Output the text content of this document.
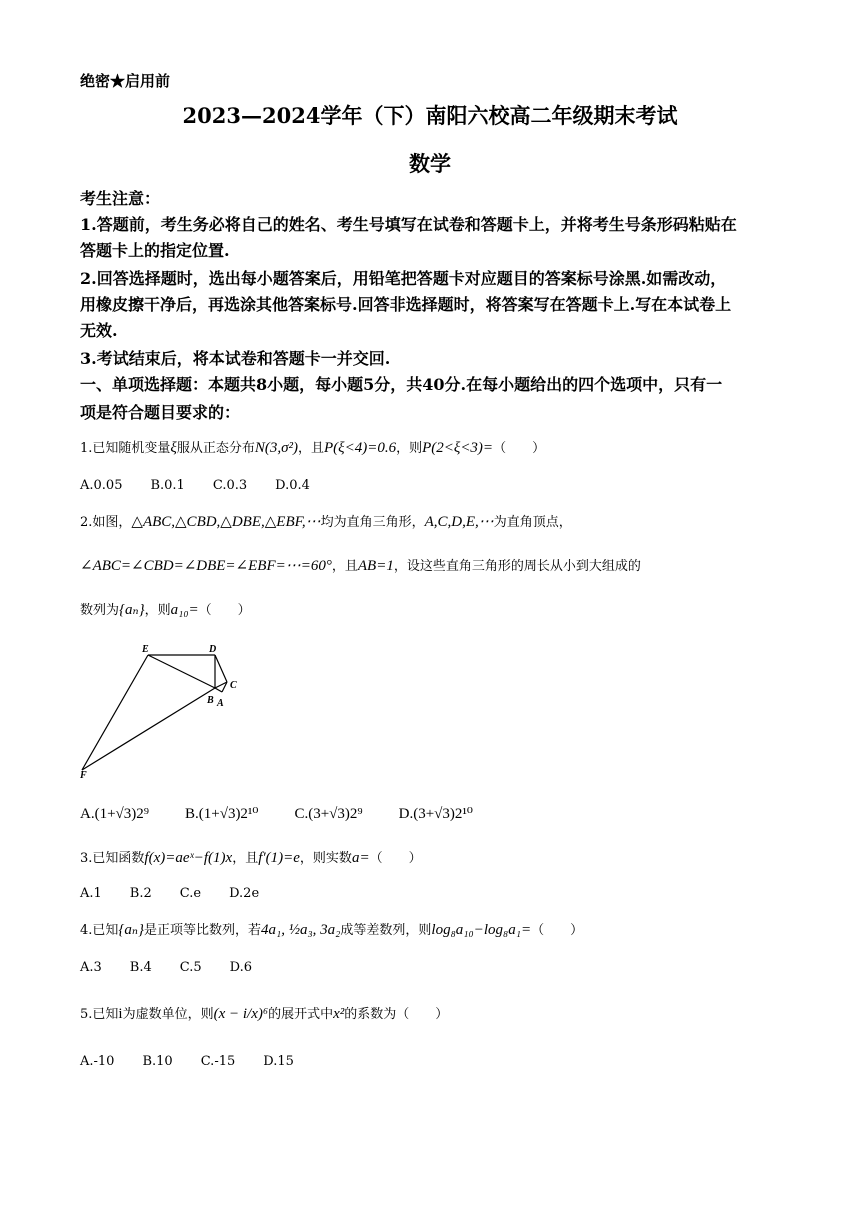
绝密★启用前
2023—2024学年（下）南阳六校高二年级期末考试
数学
考生注意：
1.答题前，考生务必将自己的姓名、考生号填写在试卷和答题卡上，并将考生号条形码粘贴在
答题卡上的指定位置.
2.回答选择题时，选出每小题答案后，用铅笔把答题卡对应题目的答案标号涂黑.如需改动，
用橡皮擦干净后，再选涂其他答案标号.回答非选择题时，将答案写在答题卡上.写在本试卷上
无效.
3.考试结束后，将本试卷和答题卡一并交回.
一、单项选择题：本题共8小题，每小题5分，共40分.在每小题给出的四个选项中，只有一
项是符合题目要求的：
1.已知随机变量ξ服从正态分布N(3,σ²)，且P(ξ<4)=0.6，则P(2<ξ<3)=（　　）
A.0.05 B.0.1 C.0.3 D.0.4
2.如图，△ABC,△CBD,△DBE,△EBF,⋯均为直角三角形，A,C,D,E,⋯为直角顶点，
∠ABC=∠CBD=∠DBE=∠EBF=⋯=60°，且AB=1，设这些直角三角形的周长从小到大组成的
数列为{aₙ}，则a₁₀=（　　）
E	D
C
B A
F
A.(1+√3)2⁹ B.(1+√3)2¹⁰ C.(3+√3)2⁹ D.(3+√3)2¹⁰
3.已知函数f(x)=aeˣ−f(1)x，且f′(1)=e，则实数a=（　　）
A.1 B.2 C.e D.2e
4.已知{aₙ}是正项等比数列，若4a₁, ½a₃, 3a₂成等差数列，则log₈a₁₀−log₈a₁=（　　）
A.3 B.4 C.5 D.6
5.已知i为虚数单位，则(x − i/x)⁶的展开式中x²的系数为（　　）
A.-10 B.10 C.-15 D.15
